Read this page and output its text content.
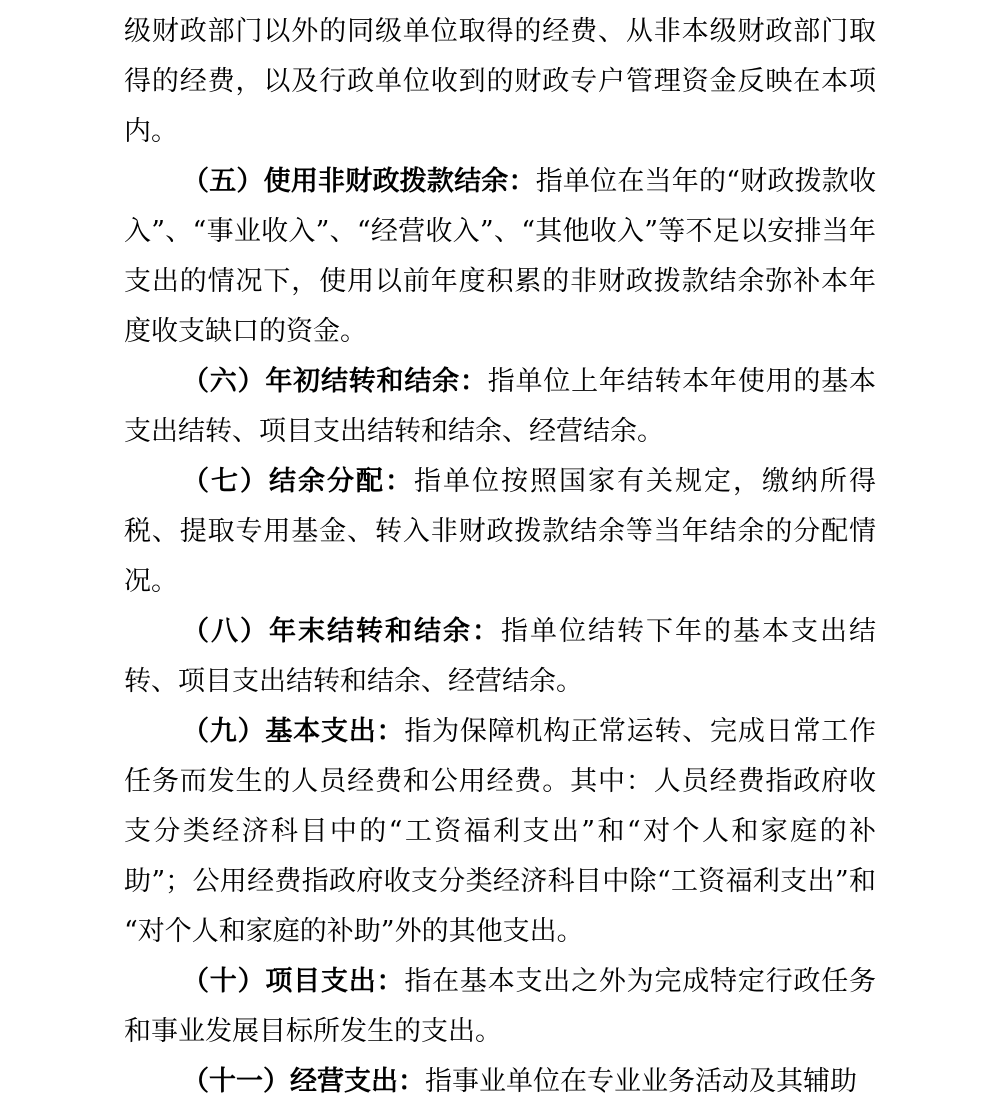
级财政部门以外的同级单位取得的经费、从非本级财政部门取得的经费，以及行政单位收到的财政专户管理资金反映在本项内。

（五）使用非财政拨款结余：指单位在当年的“财政拨款收入”、“事业收入”、“经营收入”、“其他收入”等不足以安排当年支出的情况下，使用以前年度积累的非财政拨款结余弥补本年度收支缺口的资金。

（六）年初结转和结余：指单位上年结转本年使用的基本支出结转、项目支出结转和结余、经营结余。

（七）结余分配：指单位按照国家有关规定，缴纳所得税、提取专用基金、转入非财政拨款结余等当年结余的分配情况。

（八）年末结转和结余：指单位结转下年的基本支出结转、项目支出结转和结余、经营结余。

（九）基本支出：指为保障机构正常运转、完成日常工作任务而发生的人员经费和公用经费。其中：人员经费指政府收支分类经济科目中的“工资福利支出”和“对个人和家庭的补助”；公用经费指政府收支分类经济科目中除“工资福利支出”和“对个人和家庭的补助”外的其他支出。

（十）项目支出：指在基本支出之外为完成特定行政任务和事业发展目标所发生的支出。

（十一）经营支出：指事业单位在专业业务活动及其辅助
